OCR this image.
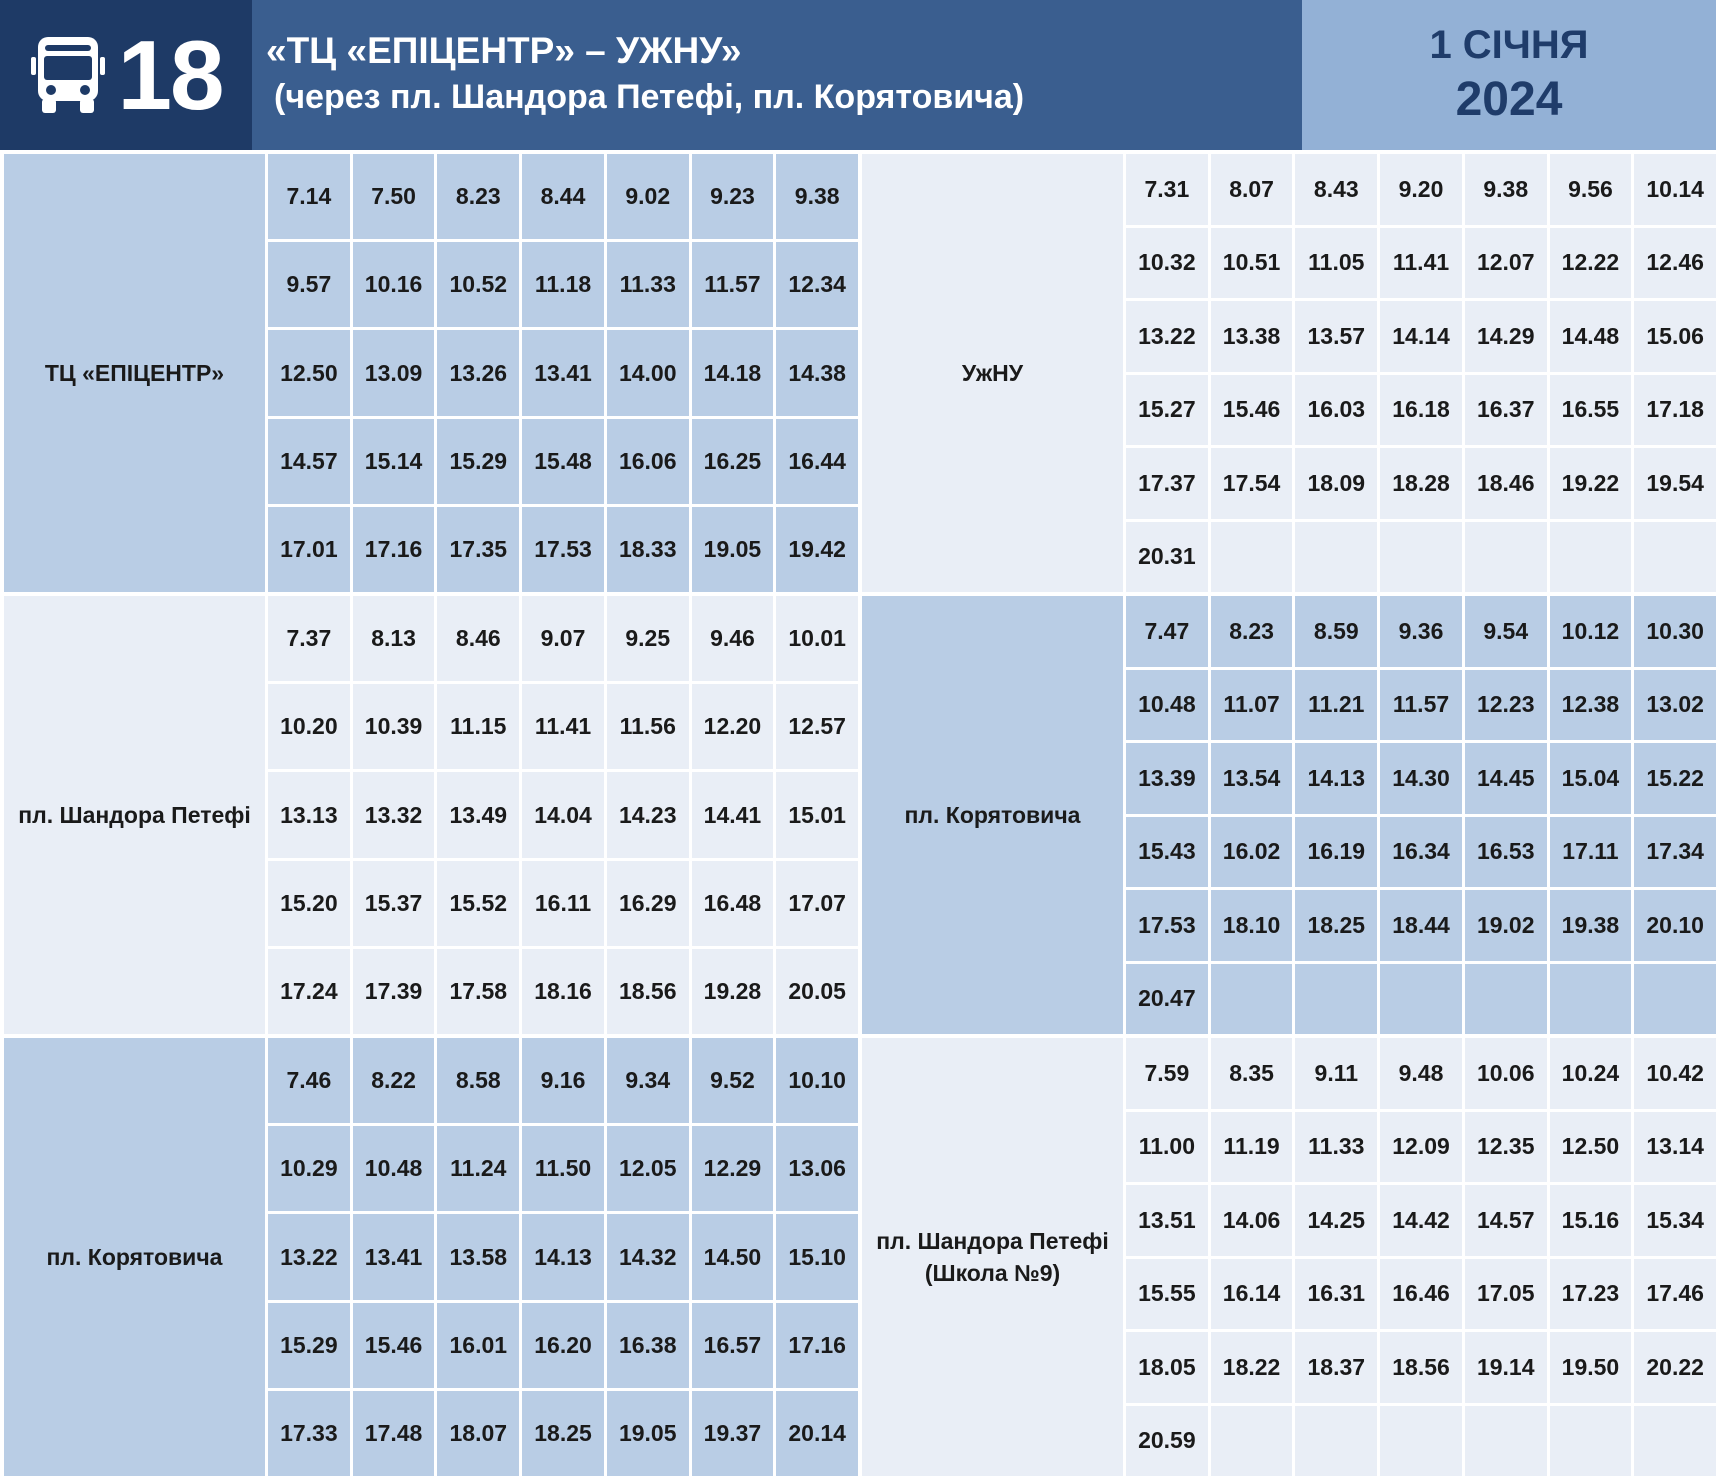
18 «ТЦ «ЕПІЦЕНТР» – УЖНУ»
(через пл. Шандора Петефі, пл. Корятовича)
1 СІЧНЯ
2024
ТЦ «ЕПІЦЕНТР»
7.14	7.50	8.23	8.44	9.02	9.23	9.38
9.57	10.16	10.52	11.18	11.33	11.57	12.34
12.50	13.09	13.26	13.41	14.00	14.18	14.38
14.57	15.14	15.29	15.48	16.06	16.25	16.44
17.01	17.16	17.35	17.53	18.33	19.05	19.42
УжНУ
7.31	8.07	8.43	9.20	9.38	9.56	10.14
10.32	10.51	11.05	11.41	12.07	12.22	12.46
13.22	13.38	13.57	14.14	14.29	14.48	15.06
15.27	15.46	16.03	16.18	16.37	16.55	17.18
17.37	17.54	18.09	18.28	18.46	19.22	19.54
20.31
пл. Шандора Петефі
7.37	8.13	8.46	9.07	9.25	9.46	10.01
10.20	10.39	11.15	11.41	11.56	12.20	12.57
13.13	13.32	13.49	14.04	14.23	14.41	15.01
15.20	15.37	15.52	16.11	16.29	16.48	17.07
17.24	17.39	17.58	18.16	18.56	19.28	20.05
пл. Корятовича
7.47	8.23	8.59	9.36	9.54	10.12	10.30
10.48	11.07	11.21	11.57	12.23	12.38	13.02
13.39	13.54	14.13	14.30	14.45	15.04	15.22
15.43	16.02	16.19	16.34	16.53	17.11	17.34
17.53	18.10	18.25	18.44	19.02	19.38	20.10
20.47
пл. Корятовича
7.46	8.22	8.58	9.16	9.34	9.52	10.10
10.29	10.48	11.24	11.50	12.05	12.29	13.06
13.22	13.41	13.58	14.13	14.32	14.50	15.10
15.29	15.46	16.01	16.20	16.38	16.57	17.16
17.33	17.48	18.07	18.25	19.05	19.37	20.14
пл. Шандора Петефі
(Школа №9)
7.59	8.35	9.11	9.48	10.06	10.24	10.42
11.00	11.19	11.33	12.09	12.35	12.50	13.14
13.51	14.06	14.25	14.42	14.57	15.16	15.34
15.55	16.14	16.31	16.46	17.05	17.23	17.46
18.05	18.22	18.37	18.56	19.14	19.50	20.22
20.59
